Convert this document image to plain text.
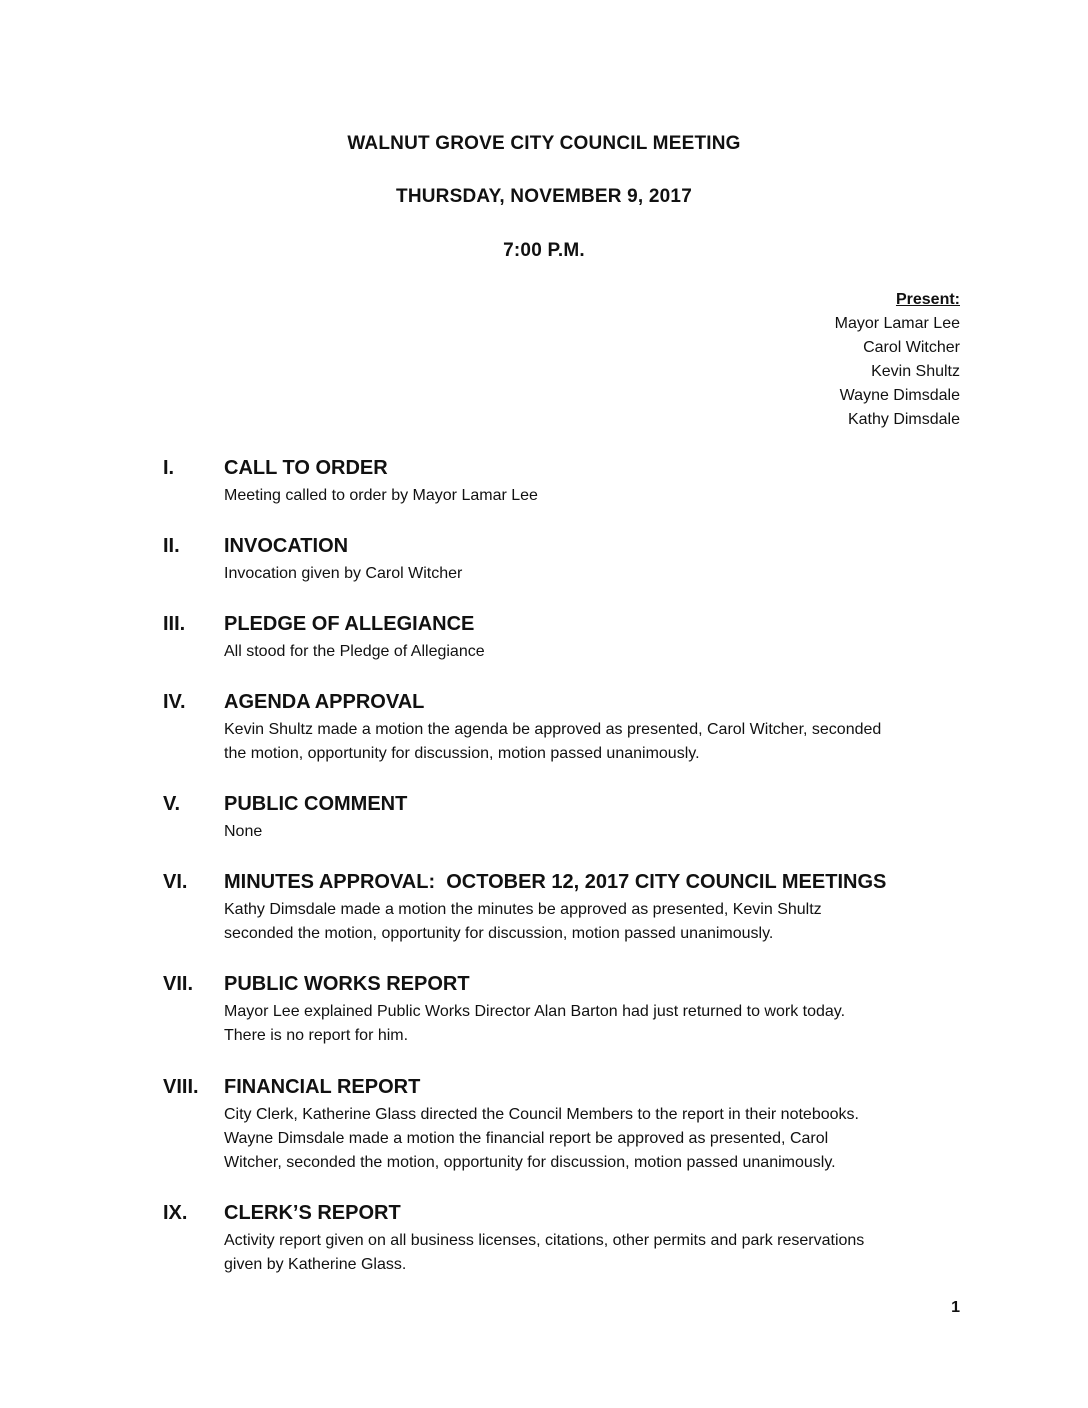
WALNUT GROVE CITY COUNCIL MEETING
THURSDAY, NOVEMBER 9, 2017
7:00 P.M.
Present:
Mayor Lamar Lee
Carol Witcher
Kevin Shultz
Wayne Dimsdale
Kathy Dimsdale
I. CALL TO ORDER
Meeting called to order by Mayor Lamar Lee
II. INVOCATION
Invocation given by Carol Witcher
III. PLEDGE OF ALLEGIANCE
All stood for the Pledge of Allegiance
IV. AGENDA APPROVAL
Kevin Shultz made a motion the agenda be approved as presented, Carol Witcher, seconded
the motion, opportunity for discussion, motion passed unanimously.
V. PUBLIC COMMENT
None
VI. MINUTES APPROVAL:  OCTOBER 12, 2017 CITY COUNCIL MEETINGS
Kathy Dimsdale made a motion the minutes be approved as presented, Kevin Shultz
seconded the motion, opportunity for discussion, motion passed unanimously.
VII. PUBLIC WORKS REPORT
Mayor Lee explained Public Works Director Alan Barton had just returned to work today.
There is no report for him.
VIII. FINANCIAL REPORT
City Clerk, Katherine Glass directed the Council Members to the report in their notebooks.
Wayne Dimsdale made a motion the financial report be approved as presented, Carol
Witcher, seconded the motion, opportunity for discussion, motion passed unanimously.
IX. CLERK’S REPORT
Activity report given on all business licenses, citations, other permits and park reservations
given by Katherine Glass.
1
